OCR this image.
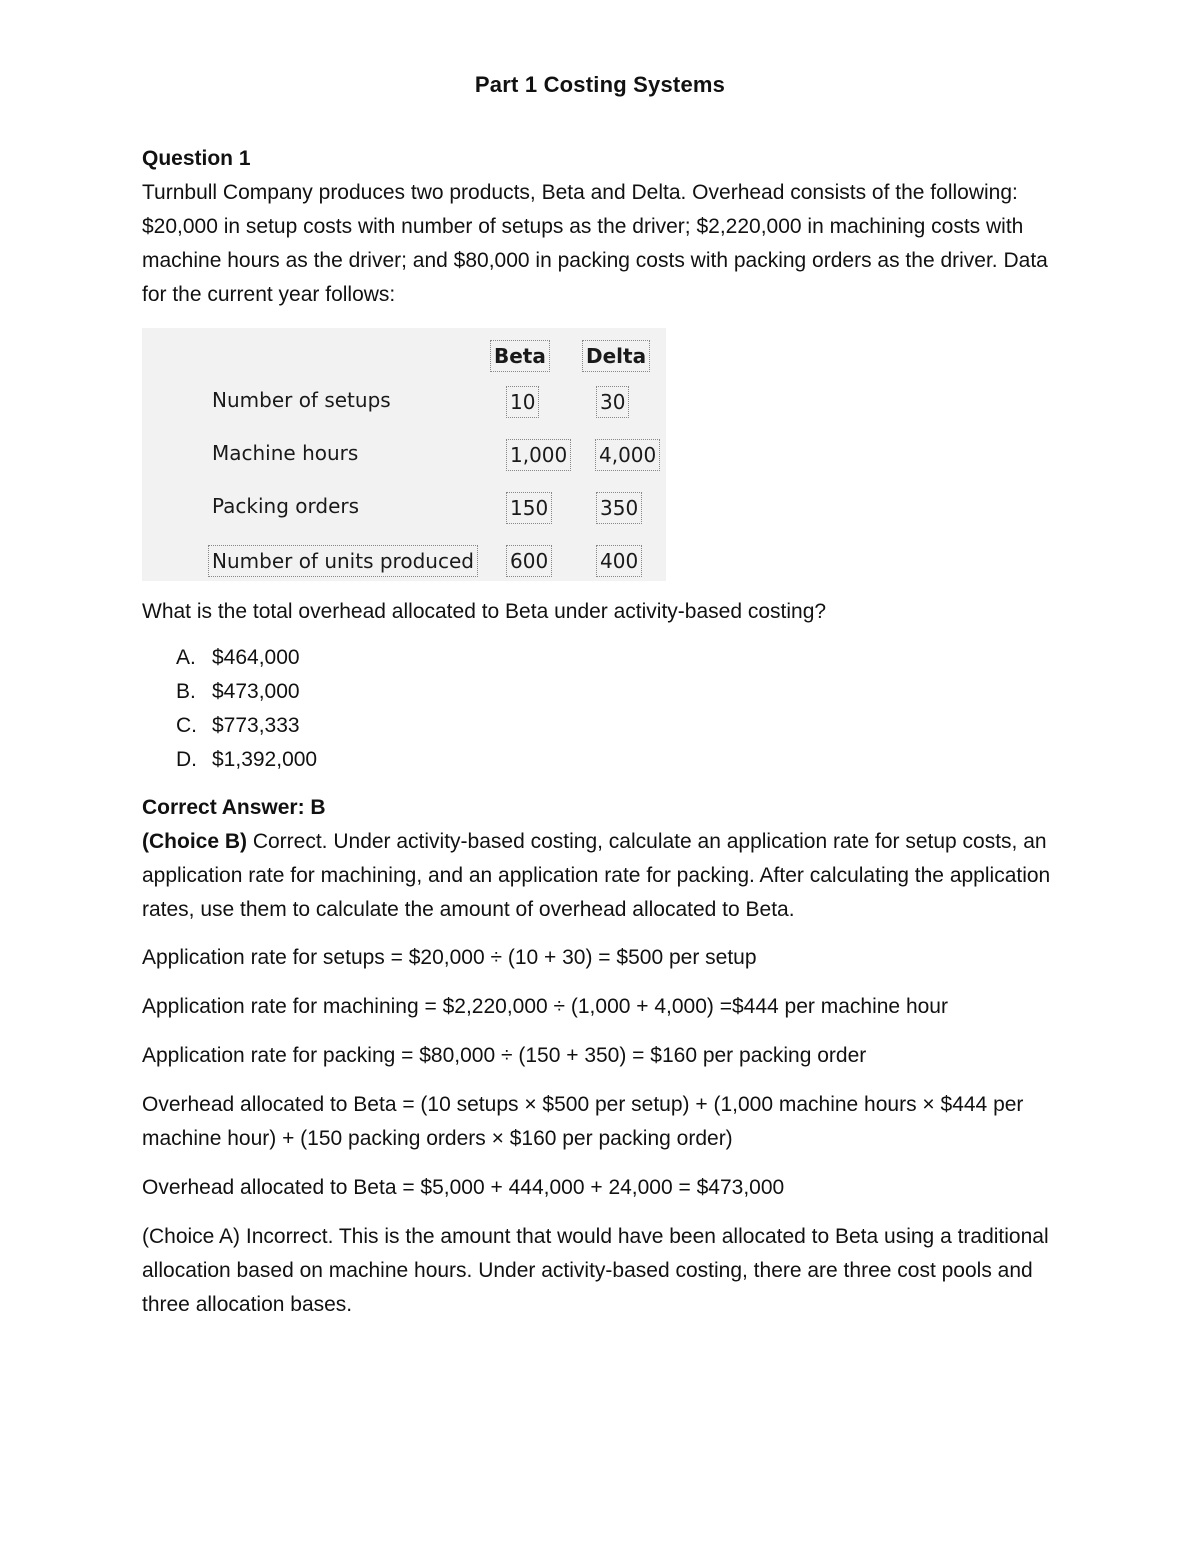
Part 1 Costing Systems

Question 1

Turnbull Company produces two products, Beta and Delta. Overhead consists of the following: $20,000 in setup costs with number of setups as the driver; $2,220,000 in machining costs with machine hours as the driver; and $80,000 in packing costs with packing orders as the driver. Data for the current year follows:

Beta Delta
Number of setups	10	30
Machine hours	1,000 4,000
Packing orders	150	350
Number of units produced 600	400

What is the total overhead allocated to Beta under activity-based costing?

A. $464,000
B. $473,000
C. $773,333
D. $1,392,000

Correct Answer: B

(Choice B) Correct. Under activity-based costing, calculate an application rate for setup costs, an application rate for machining, and an application rate for packing. After calculating the application rates, use them to calculate the amount of overhead allocated to Beta.

Application rate for setups = $20,000 ÷ (10 + 30) = $500 per setup

Application rate for machining = $2,220,000 ÷ (1,000 + 4,000) =$444 per machine hour

Application rate for packing = $80,000 ÷ (150 + 350) = $160 per packing order

Overhead allocated to Beta = (10 setups × $500 per setup) + (1,000 machine hours × $444 per machine hour) + (150 packing orders × $160 per packing order)

Overhead allocated to Beta = $5,000 + 444,000 + 24,000 = $473,000

(Choice A) Incorrect. This is the amount that would have been allocated to Beta using a traditional allocation based on machine hours. Under activity-based costing, there are three cost pools and three allocation bases.
